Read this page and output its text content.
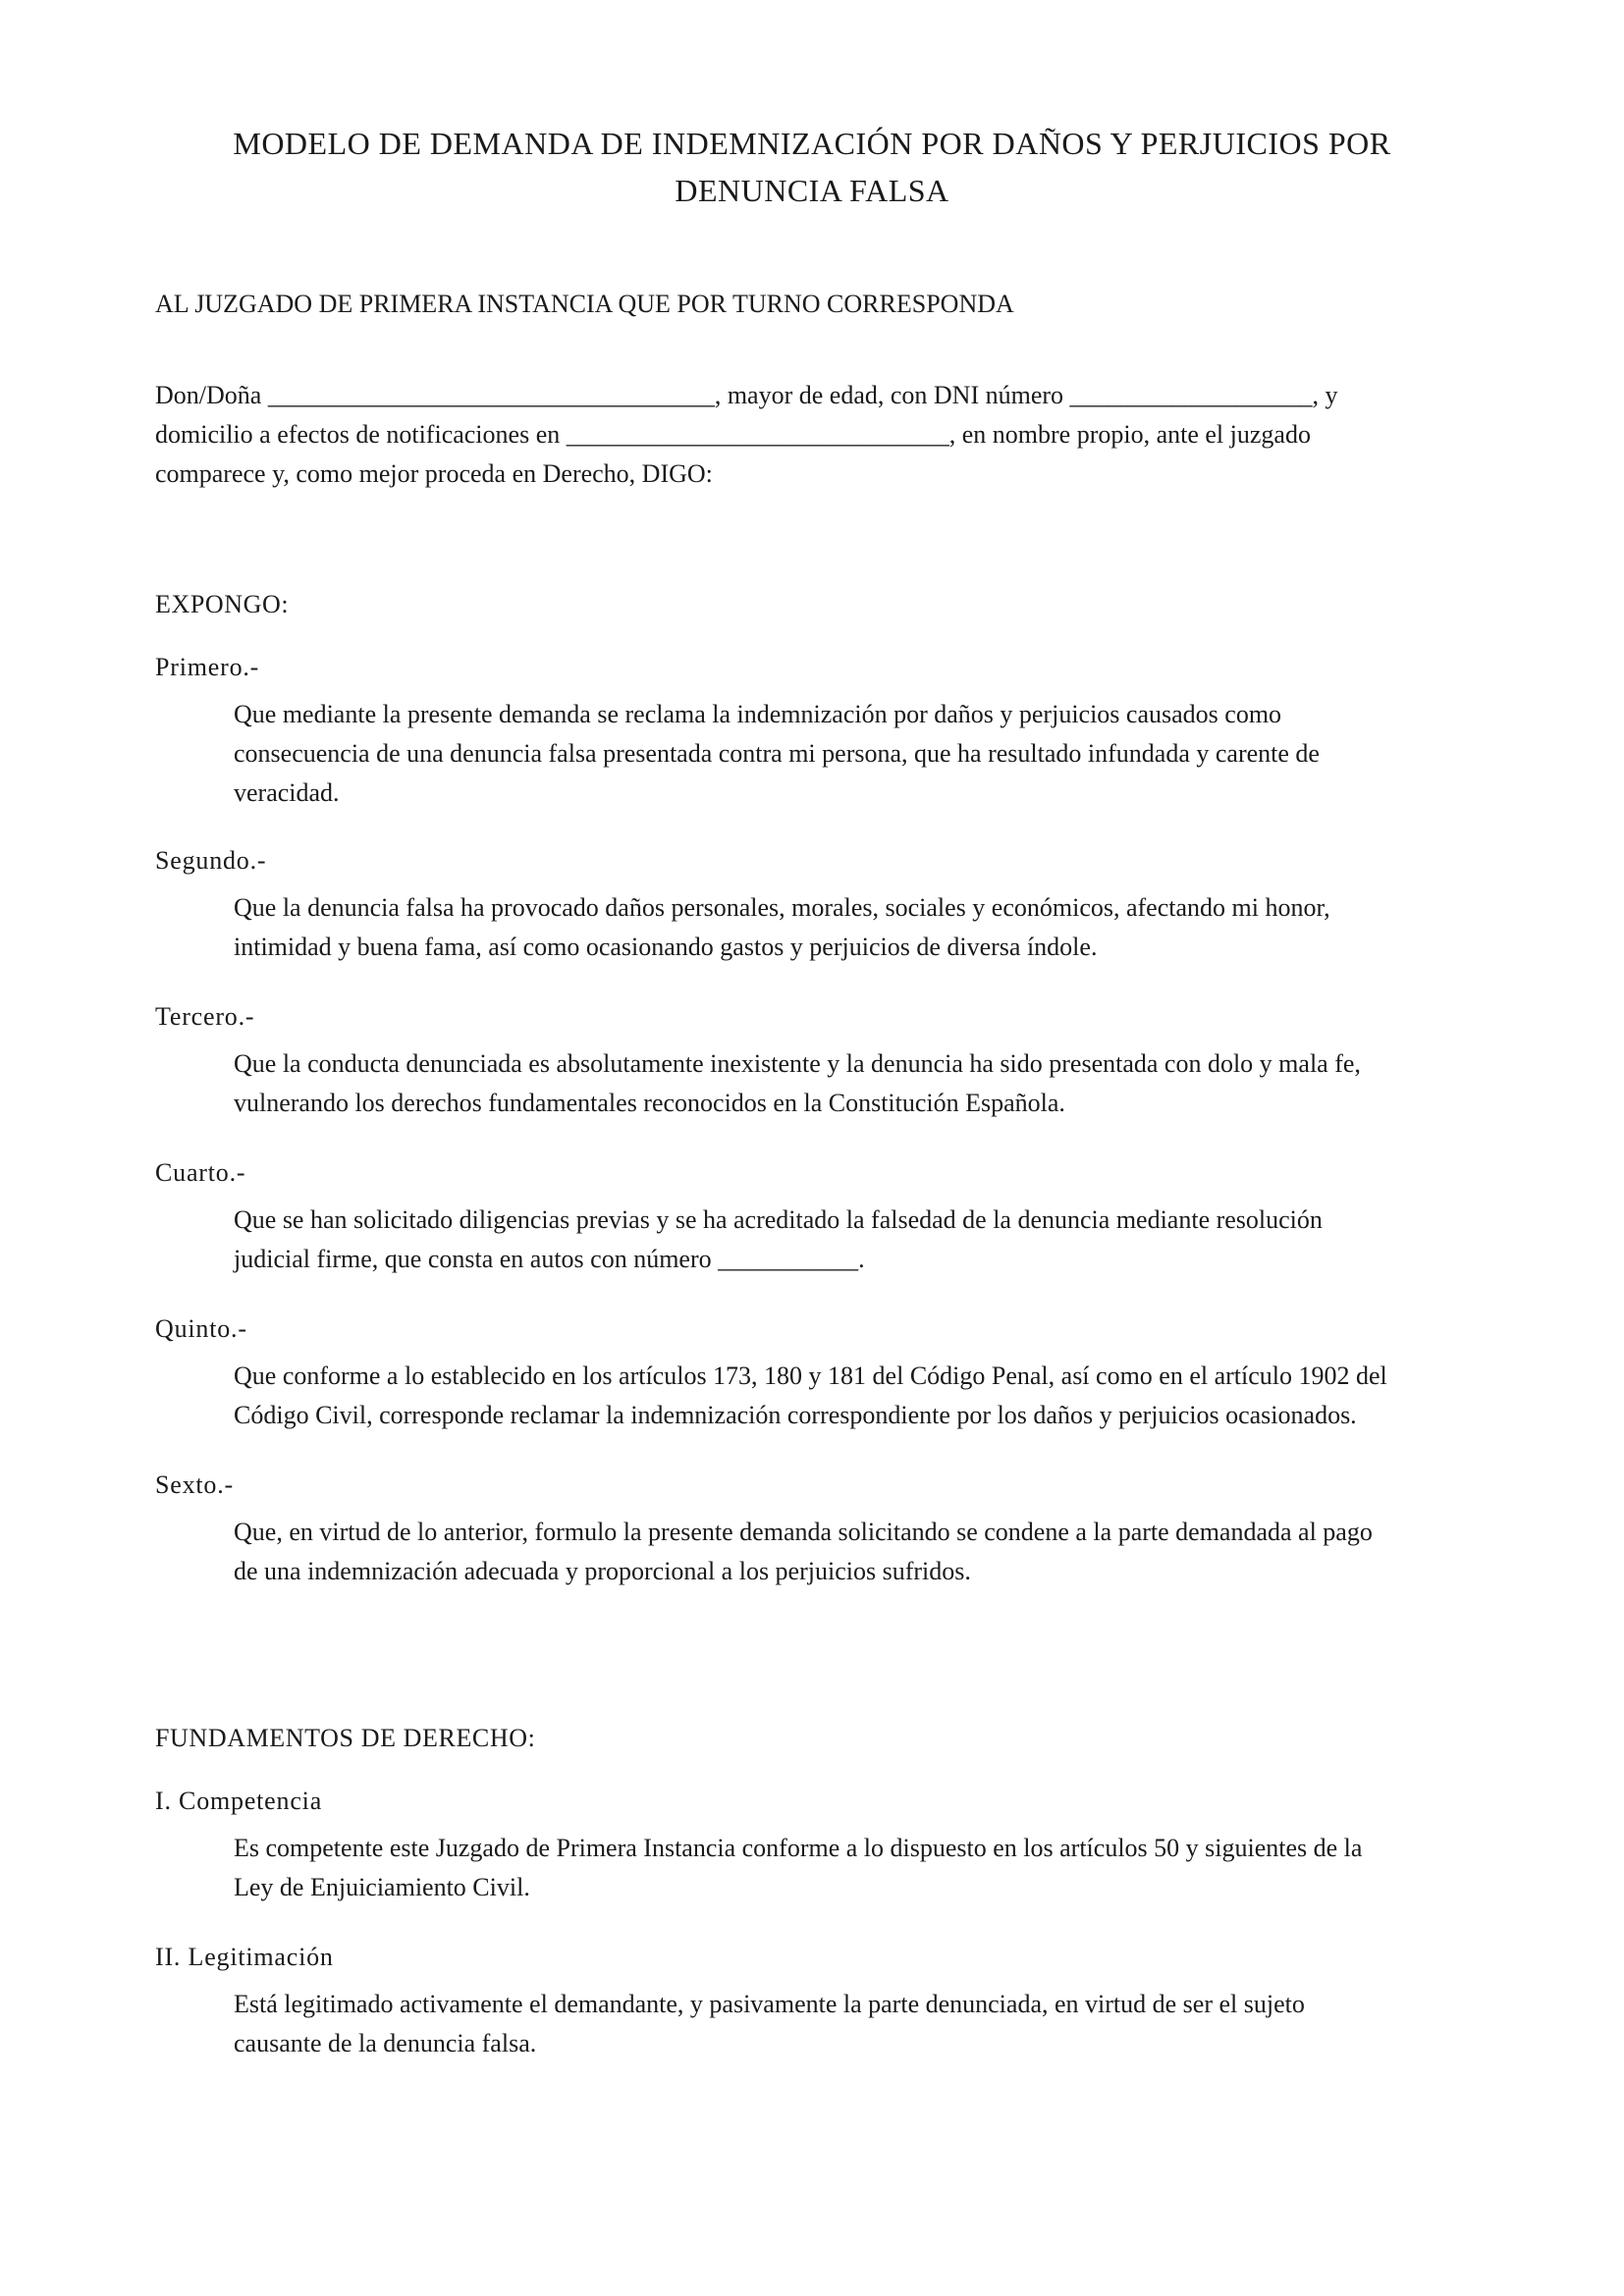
MODELO DE DEMANDA DE INDEMNIZACIÓN POR DAÑOS Y PERJUICIOS POR
DENUNCIA FALSA

AL JUZGADO DE PRIMERA INSTANCIA QUE POR TURNO CORRESPONDA

Don/Doña ___________________________________, mayor de edad, con DNI número ___________________, y
domicilio a efectos de notificaciones en ______________________________, en nombre propio, ante el juzgado
comparece y, como mejor proceda en Derecho, DIGO:

EXPONGO:

Primero.-

Que mediante la presente demanda se reclama la indemnización por daños y perjuicios causados como
consecuencia de una denuncia falsa presentada contra mi persona, que ha resultado infundada y carente de
veracidad.

Segundo.-

Que la denuncia falsa ha provocado daños personales, morales, sociales y económicos, afectando mi honor,
intimidad y buena fama, así como ocasionando gastos y perjuicios de diversa índole.

Tercero.-

Que la conducta denunciada es absolutamente inexistente y la denuncia ha sido presentada con dolo y mala fe,
vulnerando los derechos fundamentales reconocidos en la Constitución Española.

Cuarto.-

Que se han solicitado diligencias previas y se ha acreditado la falsedad de la denuncia mediante resolución
judicial firme, que consta en autos con número ___________.

Quinto.-

Que conforme a lo establecido en los artículos 173, 180 y 181 del Código Penal, así como en el artículo 1902 del
Código Civil, corresponde reclamar la indemnización correspondiente por los daños y perjuicios ocasionados.

Sexto.-

Que, en virtud de lo anterior, formulo la presente demanda solicitando se condene a la parte demandada al pago
de una indemnización adecuada y proporcional a los perjuicios sufridos.

FUNDAMENTOS DE DERECHO:

I. Competencia

Es competente este Juzgado de Primera Instancia conforme a lo dispuesto en los artículos 50 y siguientes de la
Ley de Enjuiciamiento Civil.

II. Legitimación

Está legitimado activamente el demandante, y pasivamente la parte denunciada, en virtud de ser el sujeto
causante de la denuncia falsa.
